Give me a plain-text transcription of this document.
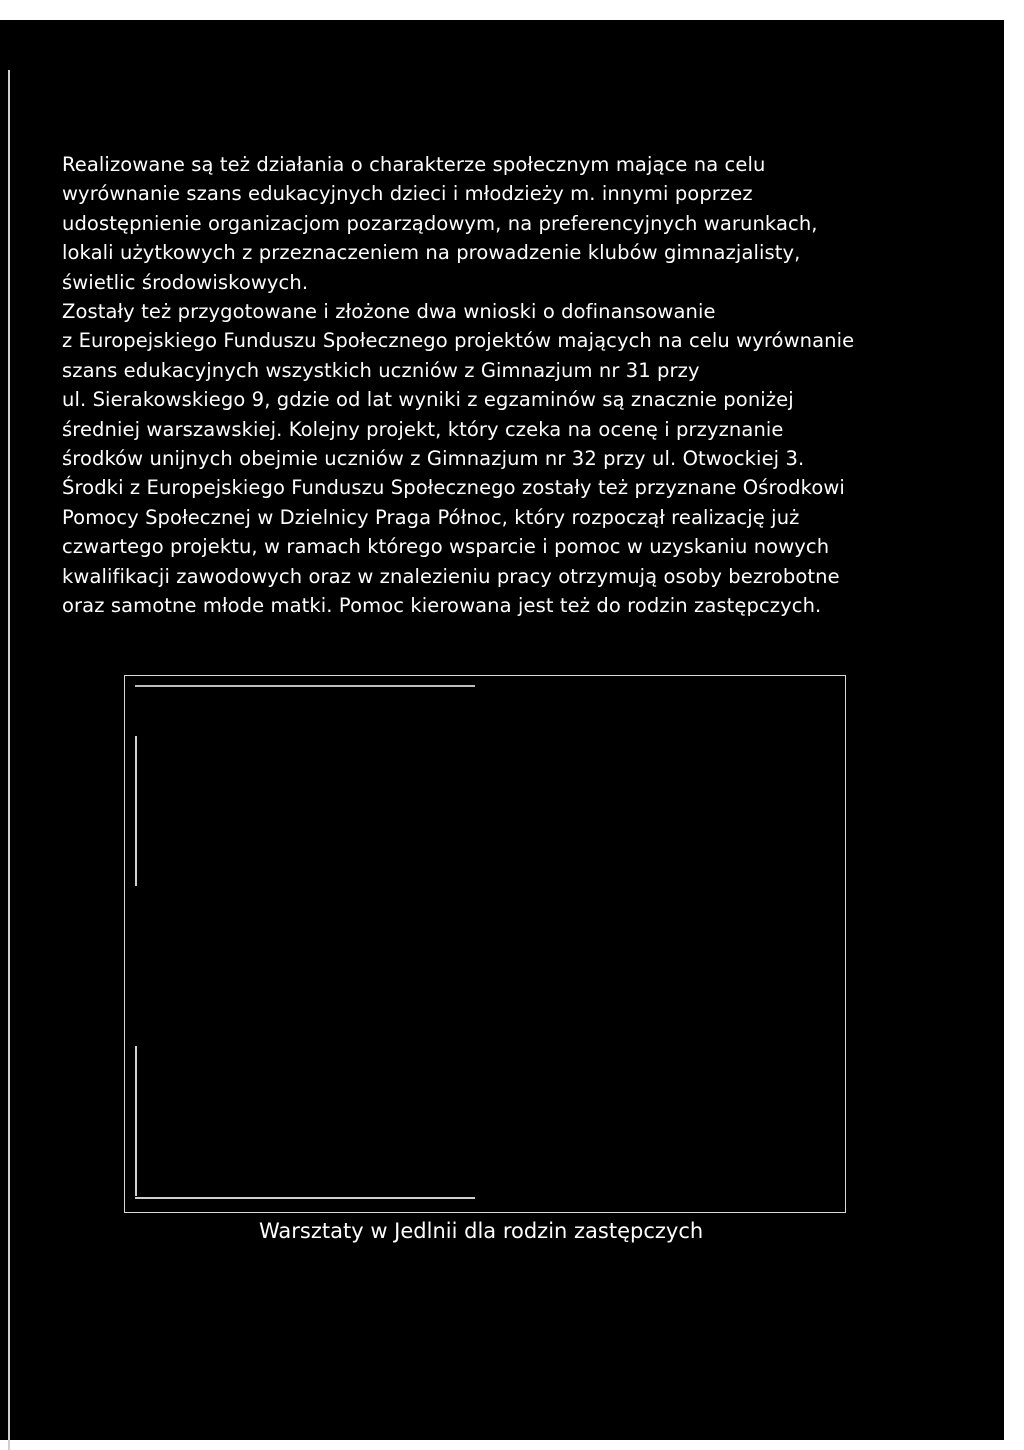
Realizowane są też działania o charakterze społecznym mające na celu
wyrównanie szans edukacyjnych dzieci i młodzieży m. innymi poprzez
udostępnienie organizacjom pozarządowym, na preferencyjnych warunkach,
lokali użytkowych z przeznaczeniem na prowadzenie klubów gimnazjalisty,
świetlic środowiskowych.
Zostały też przygotowane i złożone dwa wnioski o dofinansowanie
z Europejskiego Funduszu Społecznego projektów mających na celu wyrównanie
szans edukacyjnych wszystkich uczniów z Gimnazjum nr 31 przy
ul. Sierakowskiego 9, gdzie od lat wyniki z egzaminów są znacznie poniżej
średniej warszawskiej. Kolejny projekt, który czeka na ocenę i przyznanie
środków unijnych obejmie uczniów z Gimnazjum nr 32 przy ul. Otwockiej 3.
Środki z Europejskiego Funduszu Społecznego zostały też przyznane Ośrodkowi
Pomocy Społecznej w Dzielnicy Praga Północ, który rozpoczął realizację już
czwartego projektu, w ramach którego wsparcie i pomoc w uzyskaniu nowych
kwalifikacji zawodowych oraz w znalezieniu pracy otrzymują osoby bezrobotne
oraz samotne młode matki. Pomoc kierowana jest też do rodzin zastępczych.

Warsztaty w Jedlnii dla rodzin zastępczych
